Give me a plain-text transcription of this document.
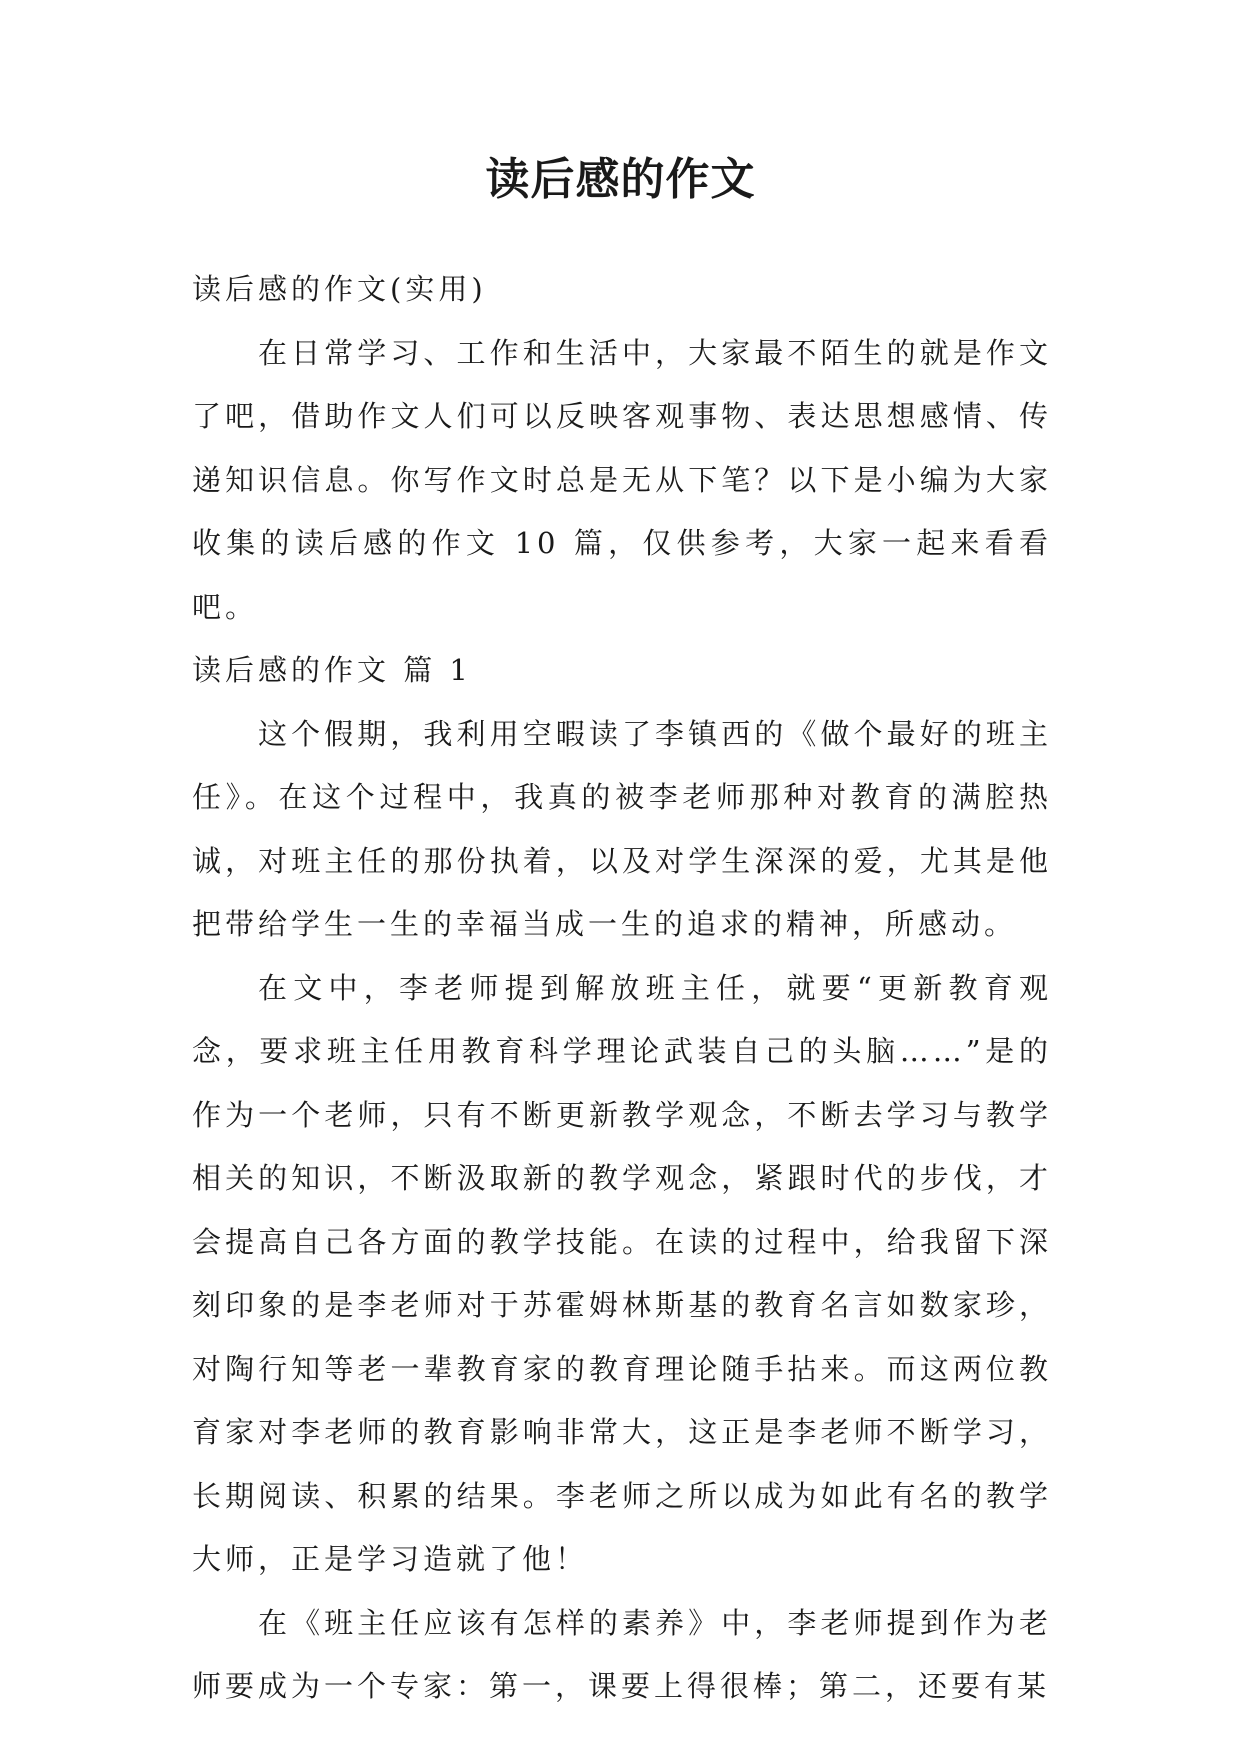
读后感的作文

读后感的作文(实用)

在日常学习、工作和生活中，大家最不陌生的就是作文了吧，借助作文人们可以反映客观事物、表达思想感情、传递知识信息。你写作文时总是无从下笔？以下是小编为大家收集的读后感的作文 10 篇，仅供参考，大家一起来看看吧。

读后感的作文 篇 1

这个假期，我利用空暇读了李镇西的《做个最好的班主任》。在这个过程中，我真的被李老师那种对教育的满腔热诚，对班主任的那份执着，以及对学生深深的爱，尤其是他把带给学生一生的幸福当成一生的追求的精神，所感动。

在文中，李老师提到解放班主任，就要“更新教育观念，要求班主任用教育科学理论武装自己的头脑……”是的作为一个老师，只有不断更新教学观念，不断去学习与教学相关的知识，不断汲取新的教学观念，紧跟时代的步伐，才会提高自己各方面的教学技能。在读的过程中，给我留下深刻印象的是李老师对于苏霍姆林斯基的教育名言如数家珍，对陶行知等老一辈教育家的教育理论随手拈来。而这两位教育家对李老师的教育影响非常大，这正是李老师不断学习，长期阅读、积累的结果。李老师之所以成为如此有名的教学大师，正是学习造就了他！

在《班主任应该有怎样的素养》中，李老师提到作为老师要成为一个专家：第一，课要上得很棒；第二，还要有某
